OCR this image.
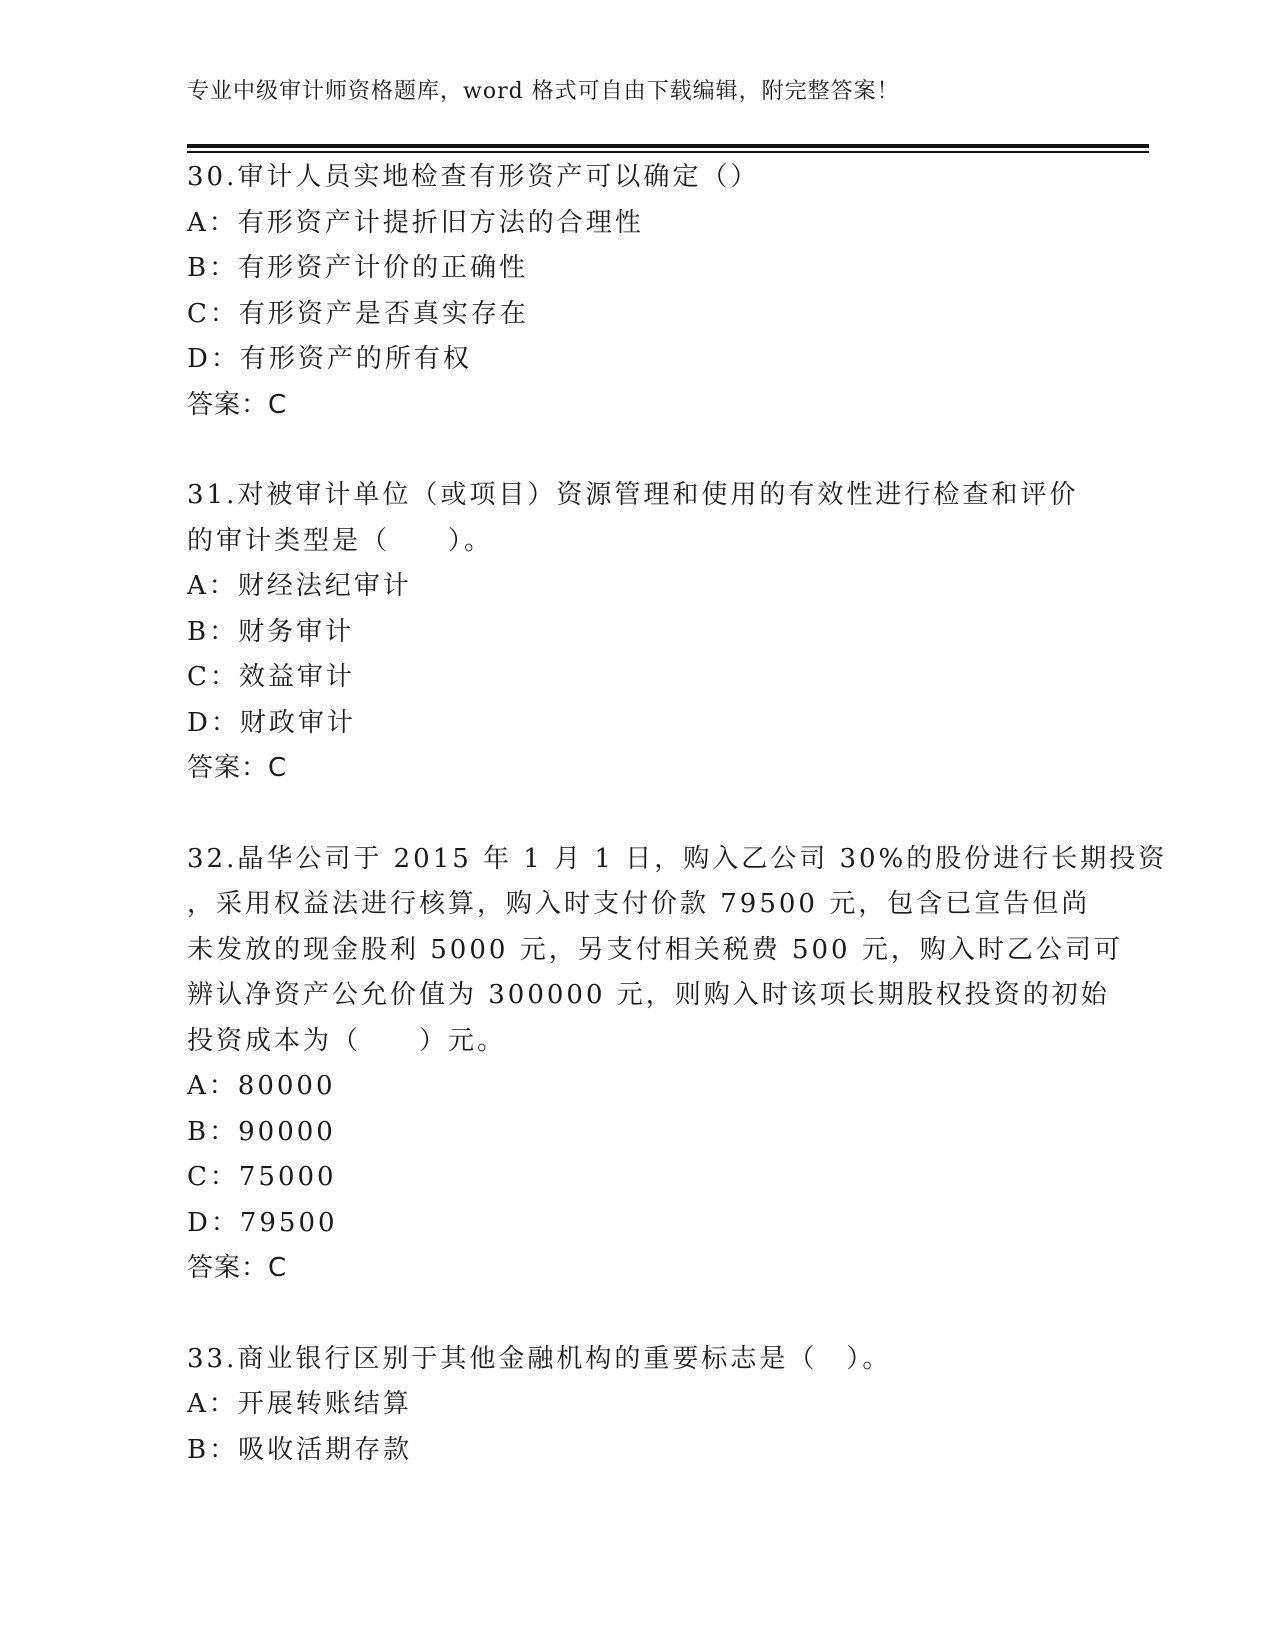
专业中级审计师资格题库，word 格式可自由下载编辑，附完整答案！
30.审计人员实地检查有形资产可以确定（）
A：有形资产计提折旧方法的合理性
B：有形资产计价的正确性
C：有形资产是否真实存在
D：有形资产的所有权
答案：C
31.对被审计单位（或项目）资源管理和使用的有效性进行检查和评价
的审计类型是（　　）。
A：财经法纪审计
B：财务审计
C：效益审计
D：财政审计
答案：C
32.晶华公司于 2015 年 1 月 1 日，购入乙公司 30%的股份进行长期投资
，采用权益法进行核算，购入时支付价款 79500 元，包含已宣告但尚
未发放的现金股利 5000 元，另支付相关税费 500 元，购入时乙公司可
辨认净资产公允价值为 300000 元，则购入时该项长期股权投资的初始
投资成本为（　　）元。
A：80000
B：90000
C：75000
D：79500
答案：C
33.商业银行区别于其他金融机构的重要标志是（　）。
A：开展转账结算
B：吸收活期存款
